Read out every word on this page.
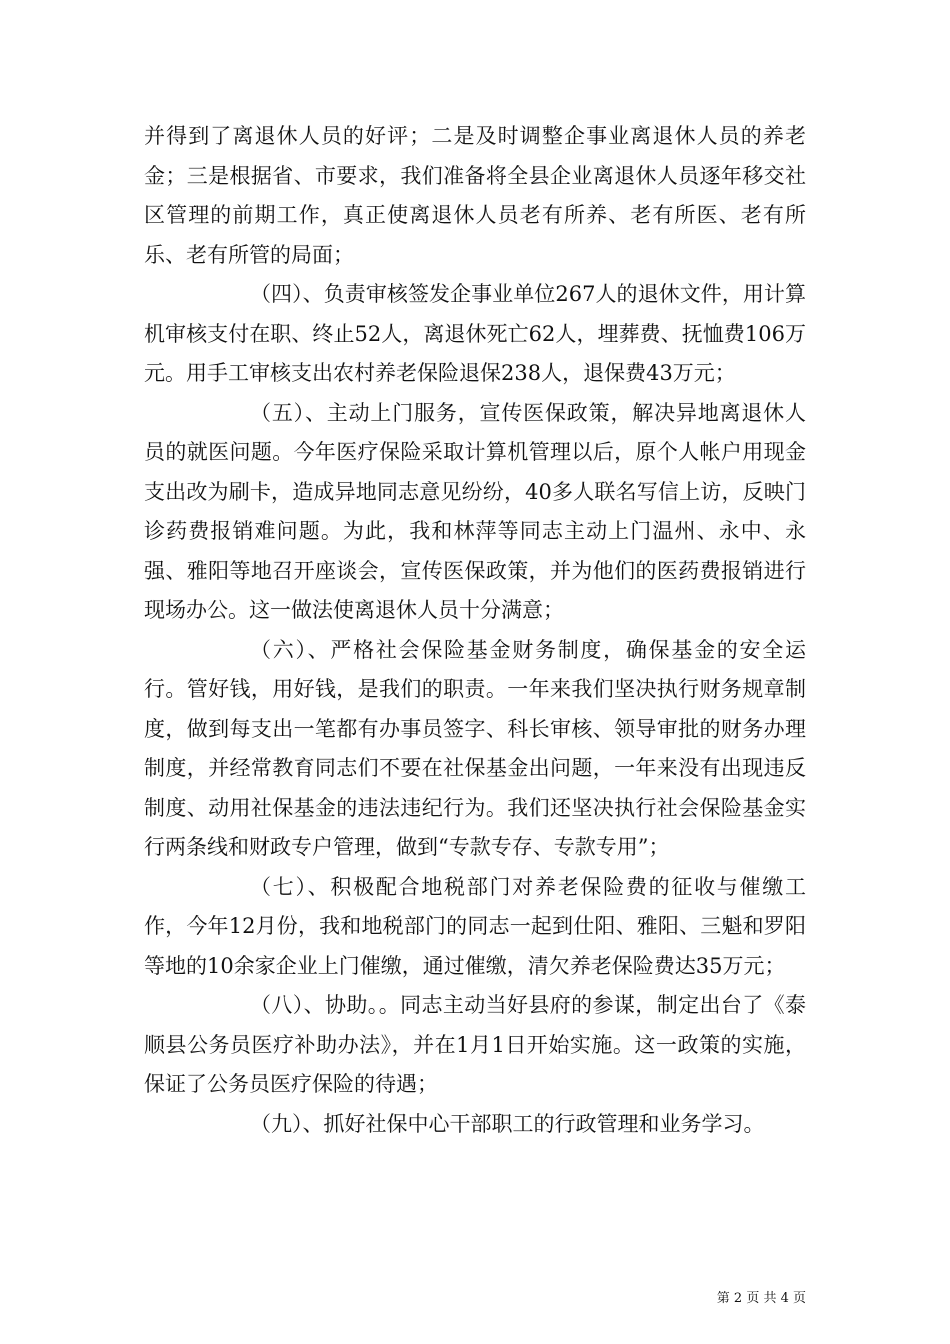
并得到了离退休人员的好评；二是及时调整企事业离退休人员的养老金；三是根据省、市要求，我们准备将全县企业离退休人员逐年移交社区管理的前期工作，真正使离退休人员老有所养、老有所医、老有所乐、老有所管的局面；

（四）、负责审核签发企事业单位267人的退休文件，用计算机审核支付在职、终止52人，离退休死亡62人，埋葬费、抚恤费106万元。用手工审核支出农村养老保险退保238人，退保费43万元；

（五）、主动上门服务，宣传医保政策，解决异地离退休人员的就医问题。今年医疗保险采取计算机管理以后，原个人帐户用现金支出改为刷卡，造成异地同志意见纷纷，40多人联名写信上访，反映门诊药费报销难问题。为此，我和林萍等同志主动上门温州、永中、永强、雅阳等地召开座谈会，宣传医保政策，并为他们的医药费报销进行现场办公。这一做法使离退休人员十分满意；

（六）、严格社会保险基金财务制度，确保基金的安全运行。管好钱，用好钱，是我们的职责。一年来我们坚决执行财务规章制度，做到每支出一笔都有办事员签字、科长审核、领导审批的财务办理制度，并经常教育同志们不要在社保基金出问题，一年来没有出现违反制度、动用社保基金的违法违纪行为。我们还坚决执行社会保险基金实行两条线和财政专户管理，做到“专款专存、专款专用”；

（七）、积极配合地税部门对养老保险费的征收与催缴工作，今年12月份，我和地税部门的同志一起到仕阳、雅阳、三魁和罗阳等地的10余家企业上门催缴，通过催缴，清欠养老保险费达35万元；

（八）、协助。。同志主动当好县府的参谋，制定出台了《泰顺县公务员医疗补助办法》，并在1月1日开始实施。这一政策的实施，保证了公务员医疗保险的待遇；

（九）、抓好社保中心干部职工的行政管理和业务学习。

第 2 页 共 4 页
